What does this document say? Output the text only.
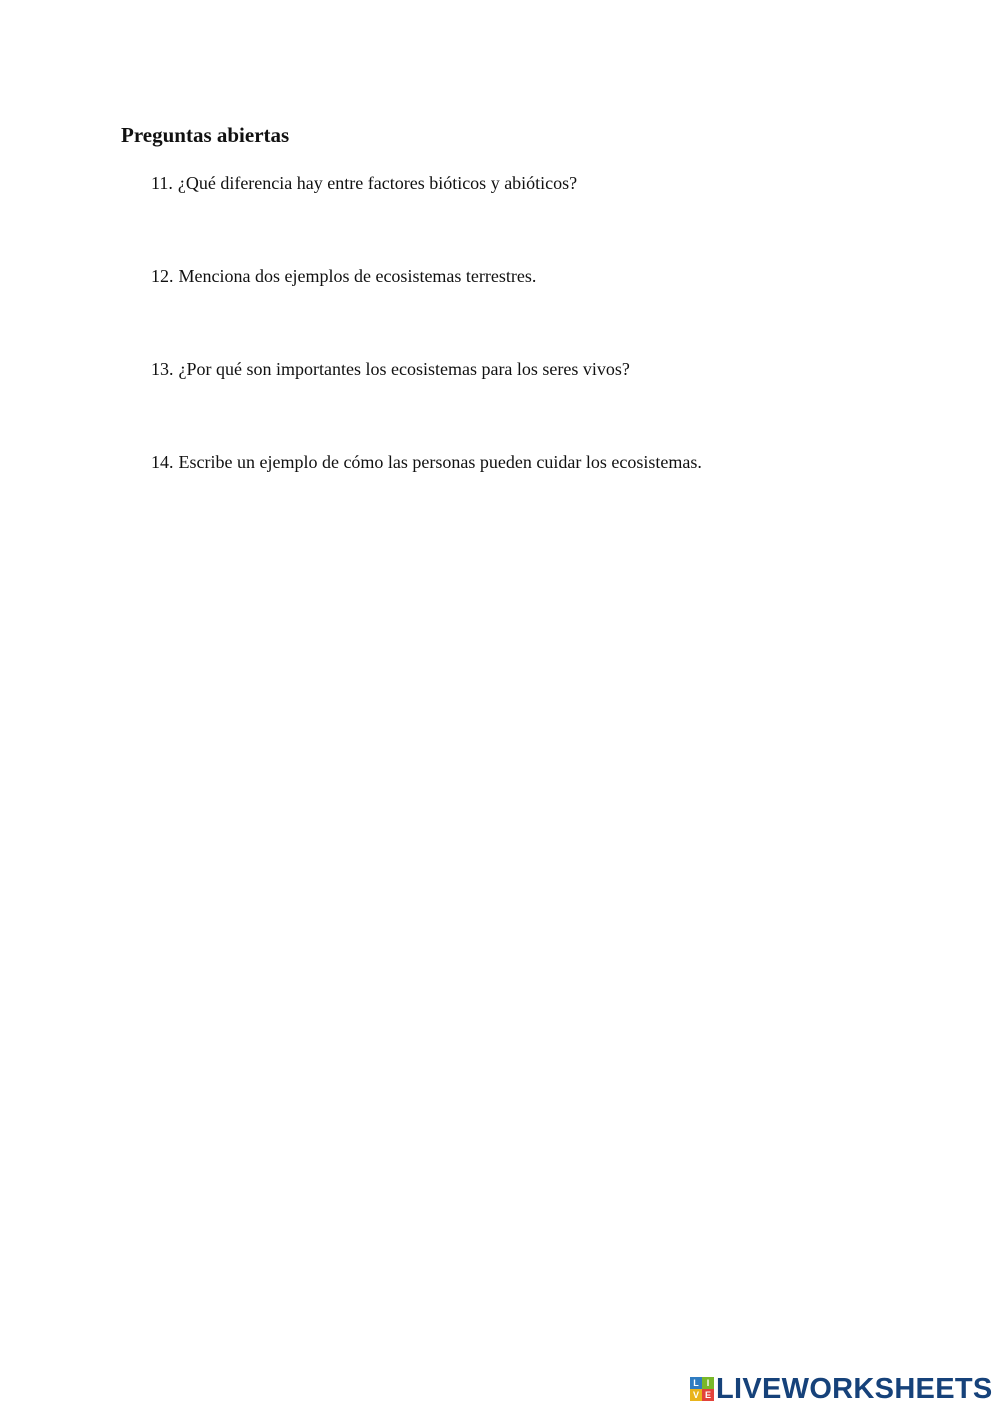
Preguntas abiertas
11. ¿Qué diferencia hay entre factores bióticos y abióticos?
12. Menciona dos ejemplos de ecosistemas terrestres.
13. ¿Por qué son importantes los ecosistemas para los seres vivos?
14. Escribe un ejemplo de cómo las personas pueden cuidar los ecosistemas.
L I
V E LIVEWORKSHEETS
